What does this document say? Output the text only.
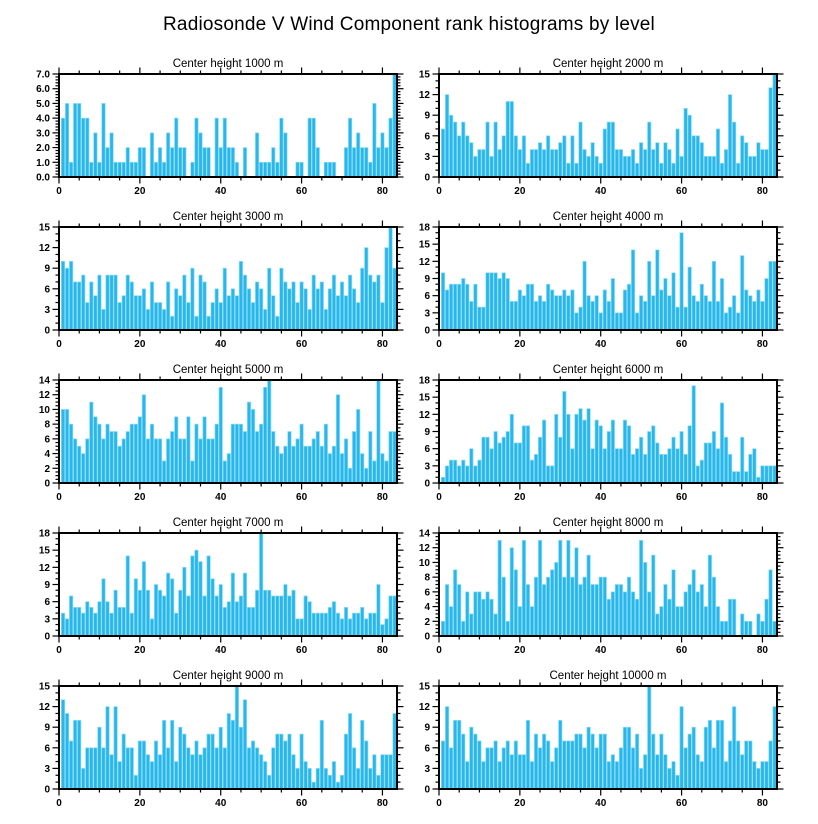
Radiosonde V Wind Component rank histograms by level
Center height 1000 m
0	20	40	60	80
0.0
1.0
2.0
3.0
4.0
5.0
6.0
7.0
Center height 2000 m
0	20	40	60	80
0
3
6
9
12
15
Center height 3000 m
0	20	40	60	80
0
3
6
9
12
15
Center height 4000 m
0	20	40	60	80
0
3
6
9
12
15
18
Center height 5000 m
0	20	40	60	80
0
2
4
6
8
10
12
14
Center height 6000 m
0	20	40	60	80
0
3
6
9
12
15
18
Center height 7000 m
0	20	40	60	80
0
3
6
9
12
15
18
Center height 8000 m
0	20	40	60	80
0
2
4
6
8
10
12
14
Center height 9000 m
0	20	40	60	80
0
3
6
9
12
15
Center height 10000 m
0	20	40	60	80
0
3
6
9
12
15
